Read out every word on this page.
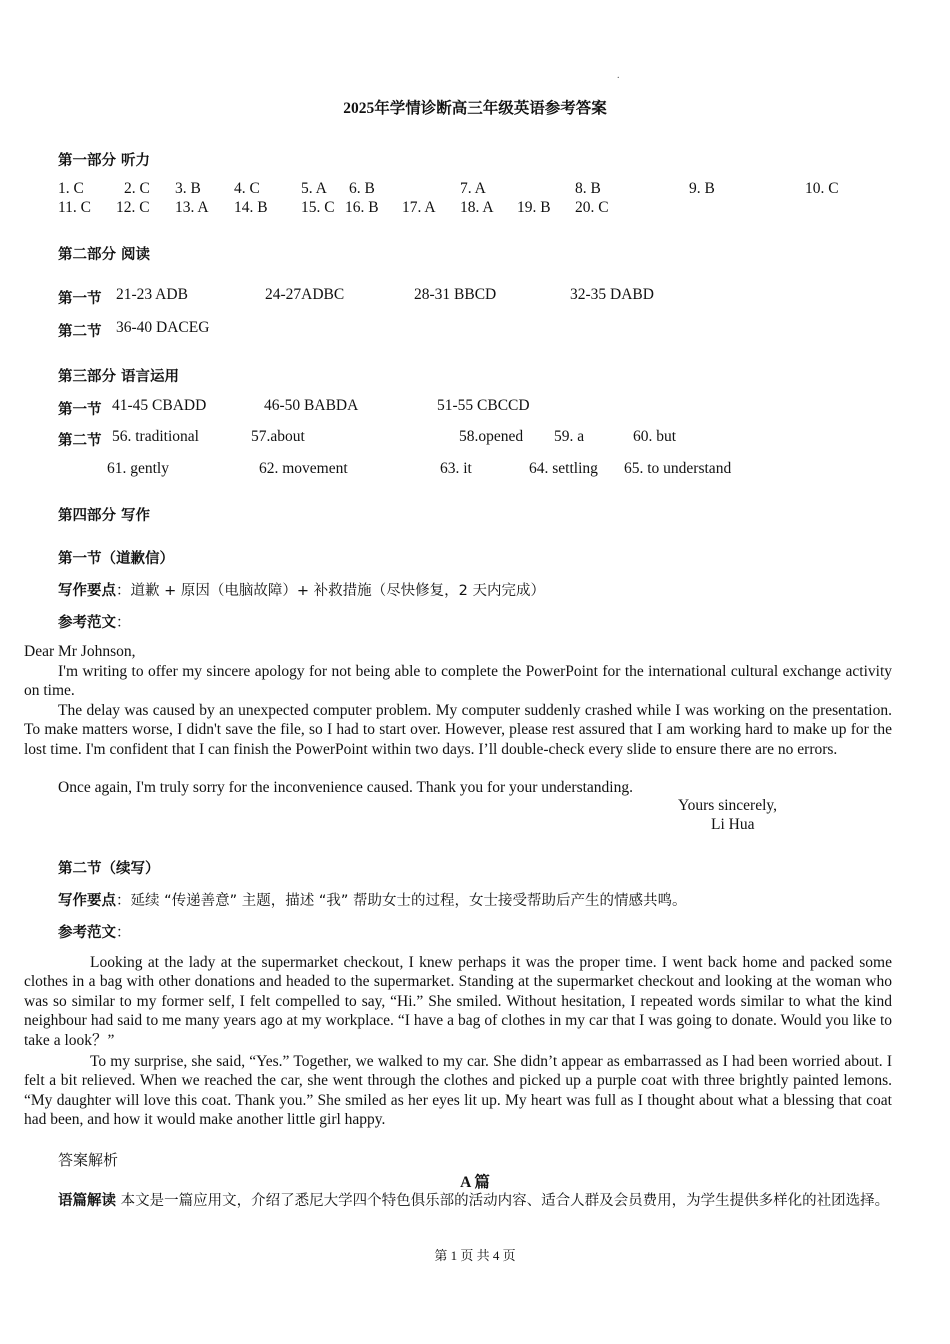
.
2025年学情诊断高三年级英语参考答案
第一部分 听力
1. C	2. C 3. B 4. C	5. A 6. B	7. A	8. B	9. B	10. C
11. C 12. C 13. A 14. B 15. C 16. B 17. A 18. A 19. B 20. C
第二部分 阅读
第一节 21-23 ADB	24-27ADBC	28-31 BBCD	32-35 DABD
第二节 36-40 DACEG
第三部分 语言运用
第一节 41-45 CBADD	46-50 BABDA	51-55 CBCCD
第二节 56. traditional	57.about	58.opened 59. a	60. but
61. gently	62. movement	63. it	64. settling 65. to understand
第四部分 写作
第一节（道歉信）
写作要点：道歉 + 原因（电脑故障）+ 补救措施（尽快修复，2 天内完成）
参考范文：
Dear Mr Johnson,

I'm writing to offer my sincere apology for not being able to complete the PowerPoint for the international cultural exchange activity on time.

The delay was caused by an unexpected computer problem. My computer suddenly crashed while I was working on the presentation. To make matters worse, I didn't save the file, so I had to start over. However, please rest assured that I am working hard to make up for the lost time. I'm confident that I can finish the PowerPoint within two days. I’ll double-check every slide to ensure there are no errors.

Once again, I'm truly sorry for the inconvenience caused. Thank you for your understanding.

Yours sincerely,
Li Hua
第二节（续写）
写作要点：延续 “传递善意” 主题，描述 “我” 帮助女士的过程，女士接受帮助后产生的情感共鸣。
参考范文：

Looking at the lady at the supermarket checkout, I knew perhaps it was the proper time. I went back home and packed some clothes in a bag with other donations and headed to the supermarket. Standing at the supermarket checkout and looking at the woman who was so similar to my former self, I felt compelled to say, “Hi.” She smiled. Without hesitation, I repeated words similar to what the kind neighbour had said to me many years ago at my workplace. “I have a bag of clothes in my car that I was going to donate. Would you like to take a look？”

To my surprise, she said, “Yes.” Together, we walked to my car. She didn’t appear as embarrassed as I had been worried about. I felt a bit relieved. When we reached the car, she went through the clothes and picked up a purple coat with three brightly painted lemons. “My daughter will love this coat. Thank you.” She smiled as her eyes lit up. My heart was full as I thought about what a blessing that coat had been, and how it would make another little girl happy.

答案解析
A 篇

语篇解读 本文是一篇应用文，介绍了悉尼大学四个特色俱乐部的活动内容、适合人群及会员费用，为学生提供多样化的社团选择。

第 1 页 共 4 页
